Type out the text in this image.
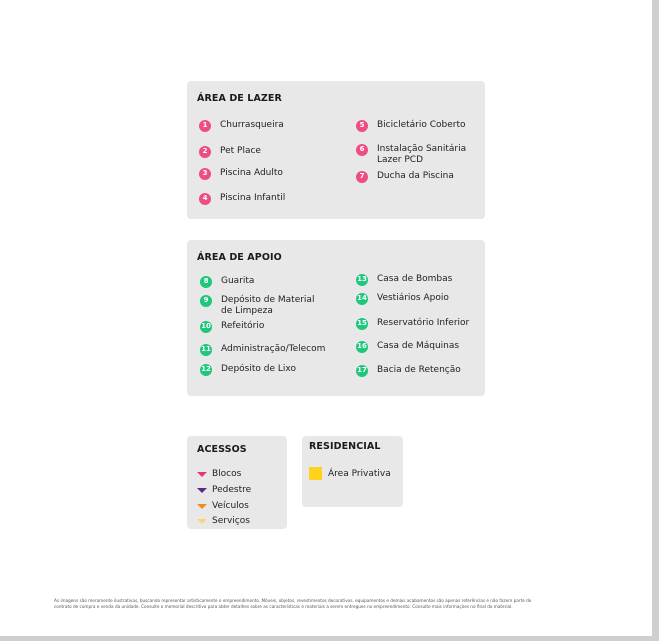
ÁREA DE LAZER
1	Churrasqueira
2	Pet Place
3	Piscina Adulto
4	Piscina Infantil
5	Bicicletário Coberto
6	Instalação Sanitária
Lazer PCD
7	Ducha da Piscina
ÁREA DE APOIO
8	Guarita
9	Depósito de Material
de Limpeza
10 Refeitório
11 Administração/Telecom
12 Depósito de Lixo
13 Casa de Bombas
14 Vestiários Apoio
15 Reservatório Inferior
16 Casa de Máquinas
17 Bacia de Retenção
ACESSOS
Blocos
Pedestre
Veículos
Serviços
RESIDENCIAL
Área Privativa
As imagens são meramente ilustrativas, buscando representar artisticamente o empreendimento. Móveis, objetos, revestimentos decorativos, equipamentos e demais acabamentos são apenas referências e não fazem parte do
contrato de compra e venda da unidade. Consulte o memorial descritivo para obter detalhes sobre as características e materiais a serem entregues no empreendimento. Consulte mais informações no final do material.
